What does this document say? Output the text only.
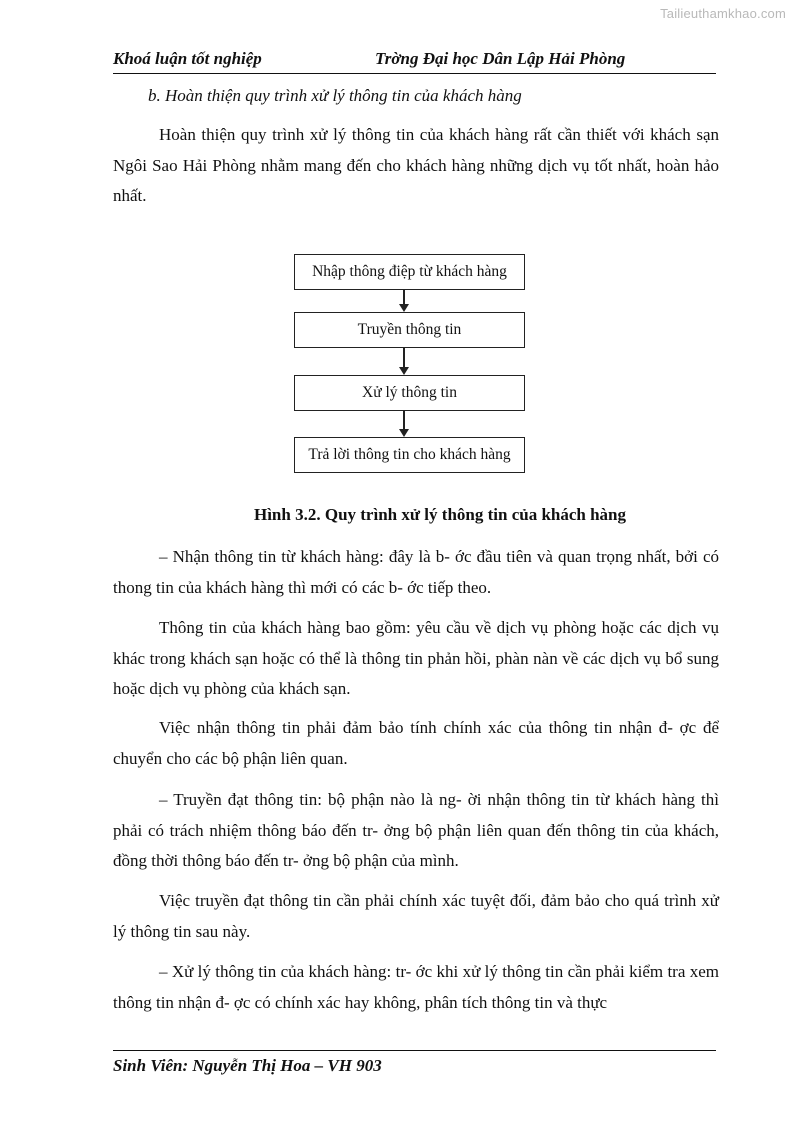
Tailieuthamkhao.com
Khoá luận tốt nghiệp	Trờng Đại học Dân Lập Hải Phòng
b. Hoàn thiện quy trình xử lý thông tin của khách hàng

Hoàn thiện quy trình xử lý thông tin của khách hàng rất cần thiết với khách sạn Ngôi Sao Hải Phòng nhằm mang đến cho khách hàng những dịch vụ tốt nhất, hoàn hảo nhất.

Nhập thông điệp từ khách hàng
Truyền thông tin
Xử lý thông tin
Trả lời thông tin cho khách hàng
Hình 3.2. Quy trình xử lý thông tin của khách hàng

– Nhận thông tin từ khách hàng: đây là b- ớc đầu tiên và quan trọng nhất, bởi có thong tin của khách hàng thì mới có các b- ớc tiếp theo.

Thông tin của khách hàng bao gồm: yêu cầu về dịch vụ phòng hoặc các dịch vụ khác trong khách sạn hoặc có thể là thông tin phản hồi, phàn nàn về các dịch vụ bổ sung hoặc dịch vụ phòng của khách sạn.

Việc nhận thông tin phải đảm bảo tính chính xác của thông tin nhận đ- ợc để chuyển cho các bộ phận liên quan.

– Truyền đạt thông tin: bộ phận nào là ng- ời nhận thông tin từ khách hàng thì phải có trách nhiệm thông báo đến tr- ởng bộ phận liên quan đến thông tin của khách, đồng thời thông báo đến tr- ởng bộ phận của mình.

Việc truyền đạt thông tin cần phải chính xác tuyệt đối, đảm bảo cho quá trình xử lý thông tin sau này.

– Xử lý thông tin của khách hàng: tr- ớc khi xử lý thông tin cần phải kiểm tra xem thông tin nhận đ- ợc có chính xác hay không, phân tích thông tin và thực

Sinh Viên: Nguyễn Thị Hoa – VH 903
